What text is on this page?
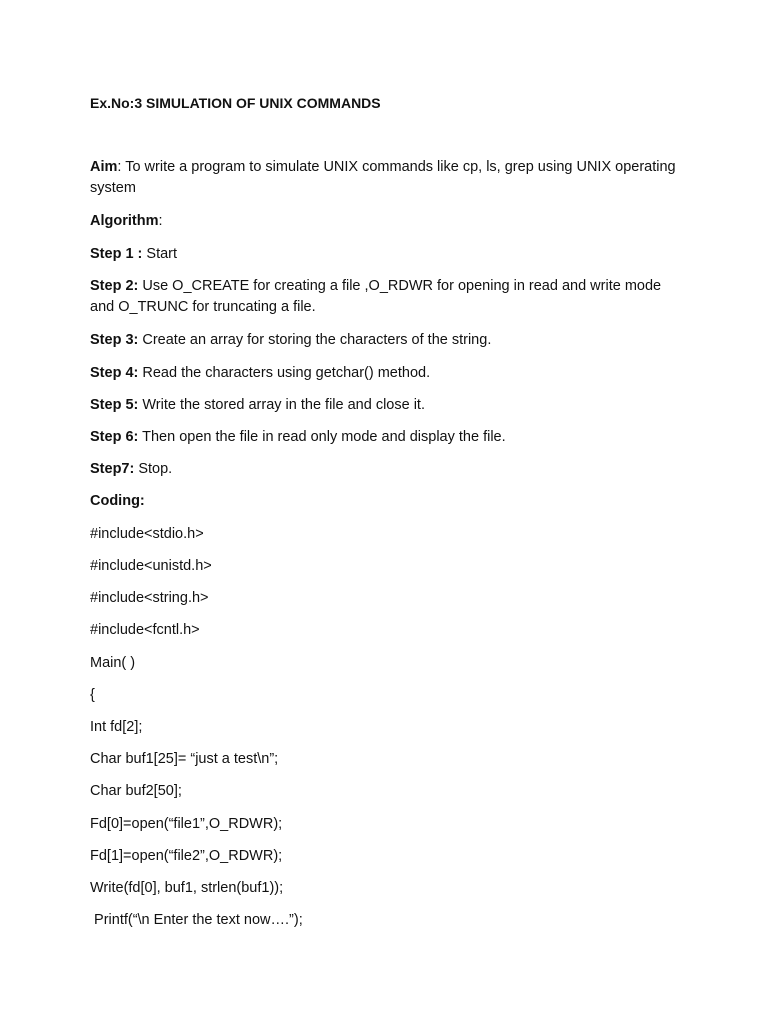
Ex.No:3 SIMULATION OF UNIX COMMANDS
Aim: To write a program to simulate UNIX commands like cp, ls, grep using UNIX operating system
Algorithm:
Step 1 : Start
Step 2: Use O_CREATE for creating a file ,O_RDWR for opening in read and write mode and O_TRUNC for truncating a file.
Step 3: Create an array for storing the characters of the string.
Step 4: Read the characters using getchar() method.
Step 5: Write the stored array in the file and close it.
Step 6: Then open the file in read only mode and display the file.
Step7: Stop.
Coding:
#include<stdio.h>
#include<unistd.h>
#include<string.h>
#include<fcntl.h>
Main( )
{
Int fd[2];
Char buf1[25]= “just a test\n”;
Char buf2[50];
Fd[0]=open(“file1”,O_RDWR);
Fd[1]=open(“file2”,O_RDWR);
Write(fd[0], buf1, strlen(buf1));
Printf(“\n Enter the text now….”);
